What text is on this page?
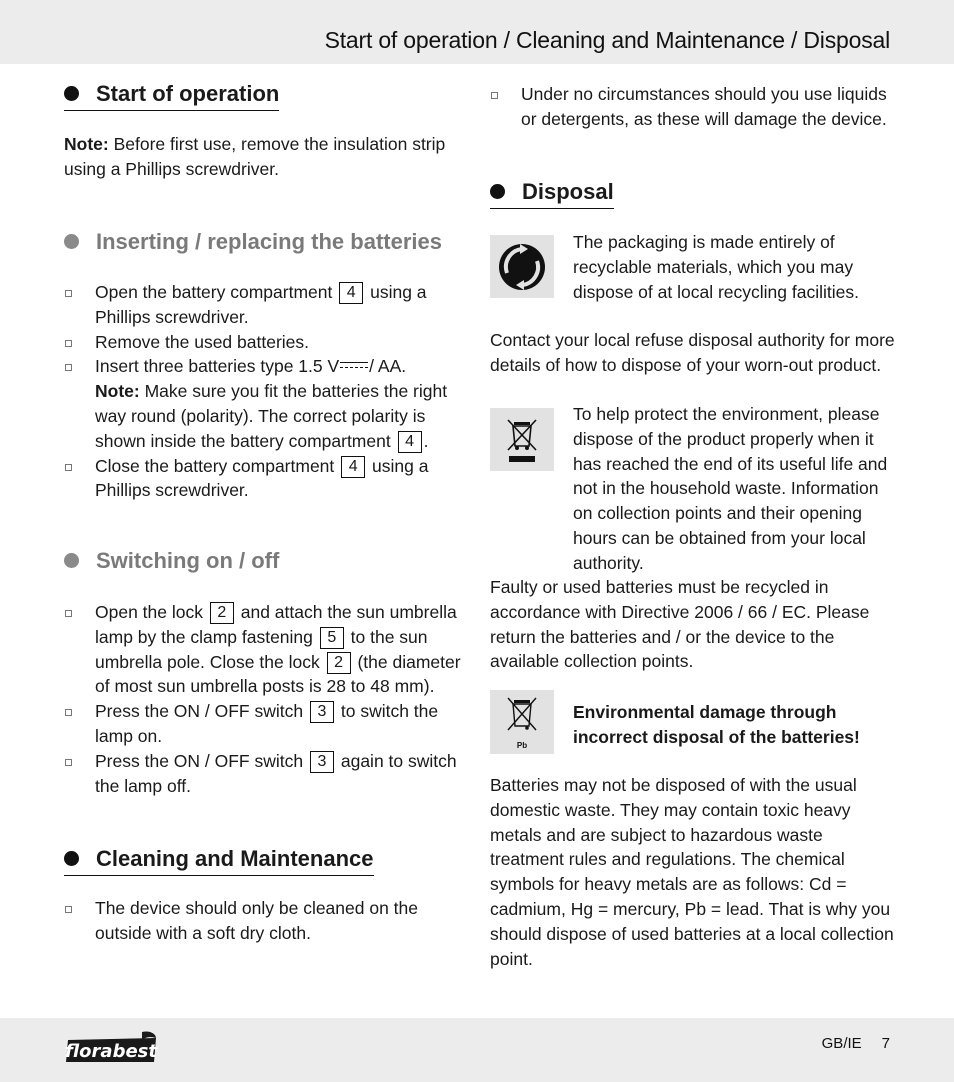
Start of operation / Cleaning and Maintenance / Disposal
Start of operation
Note: Before first use, remove the insulation strip using a Phillips screwdriver.
Inserting / replacing the batteries
Open the battery compartment 4 using a Phillips screwdriver.
Remove the used batteries.
Insert three batteries type 1.5 V / AA.
Note: Make sure you fit the batteries the right way round (polarity). The correct polarity is shown inside the battery compartment 4 .
Close the battery compartment 4 using a Phillips screwdriver.
Switching on / off
Open the lock 2 and attach the sun umbrella lamp by the clamp fastening 5 to the sun umbrella pole. Close the lock 2 (the diameter of most sun umbrella posts is 28 to 48 mm).
Press the ON / OFF switch 3 to switch the lamp on.
Press the ON / OFF switch 3 again to switch the lamp off.
Cleaning and Maintenance
The device should only be cleaned on the outside with a soft dry cloth.
Under no circumstances should you use liquids or detergents, as these will damage the device.
Disposal
The packaging is made entirely of recyclable materials, which you may dispose of at local recycling facilities.
Contact your local refuse disposal authority for more details of how to dispose of your worn-out product.
To help protect the environment, please dispose of the product properly when it has reached the end of its useful life and not in the household waste. Information on collection points and their opening hours can be obtained from your local authority.
Faulty or used batteries must be recycled in accordance with Directive 2006 / 66 / EC. Please return the batteries and / or the device to the available collection points.
Pb
Environmental damage through incorrect disposal of the batteries!
Batteries may not be disposed of with the usual domestic waste. They may contain toxic heavy metals and are subject to hazardous waste treatment rules and regulations. The chemical symbols for heavy metals are as follows: Cd = cadmium, Hg = mercury, Pb = lead. That is why you should dispose of used batteries at a local collection point.
florabest	GB/IE 7
